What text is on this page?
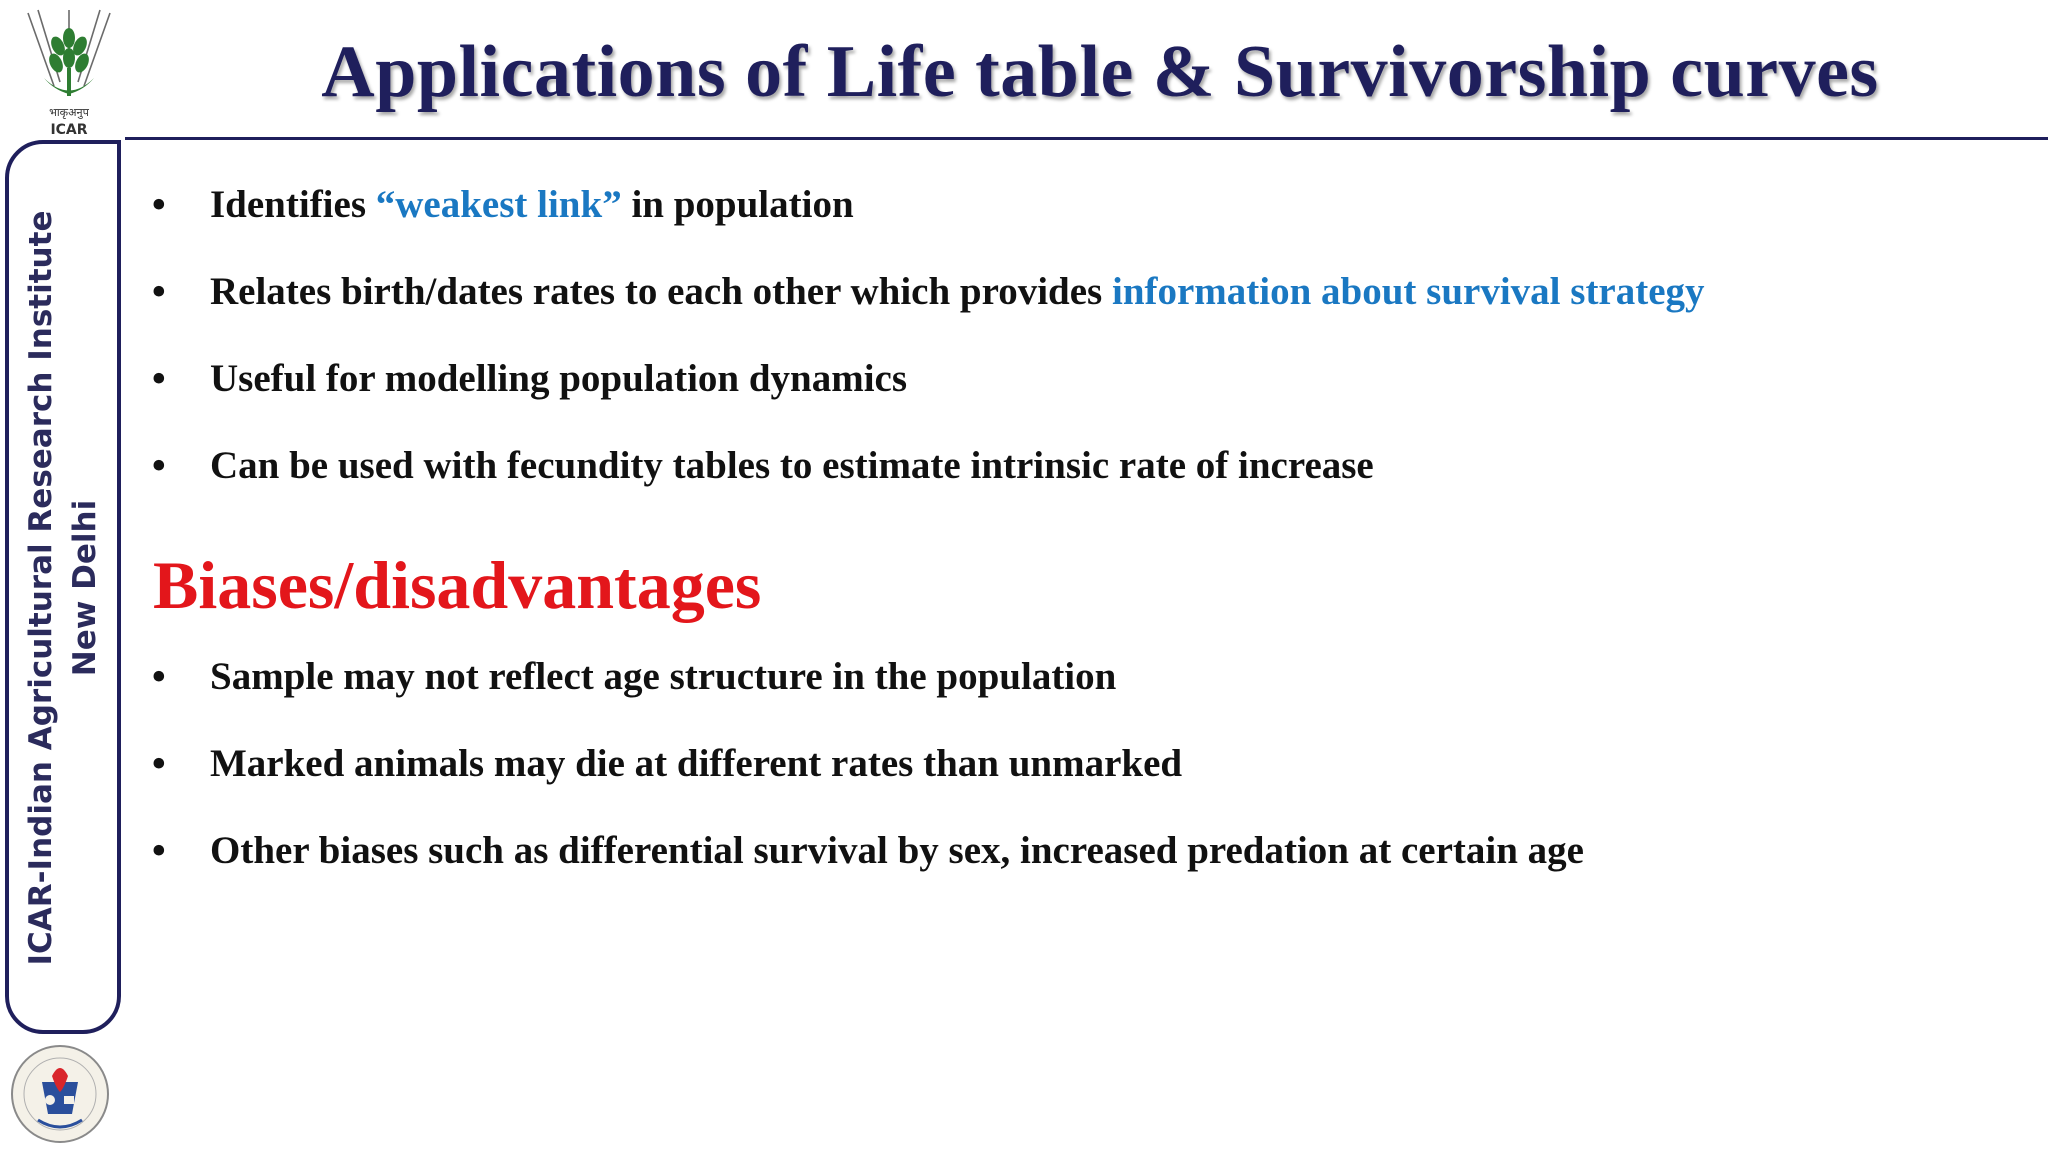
भाकृअनुप
ICAR
Applications of Life table & Survivorship curves
ICAR-Indian Agricultural Research Institute New Delhi
• Identifies “weakest link” in population
• Relates birth/dates rates to each other which provides information about survival strategy
• Useful for modelling population dynamics
• Can be used with fecundity tables to estimate intrinsic rate of increase
Biases/disadvantages
• Sample may not reflect age structure in the population
• Marked animals may die at different rates than unmarked
• Other biases such as differential survival by sex, increased predation at certain age
